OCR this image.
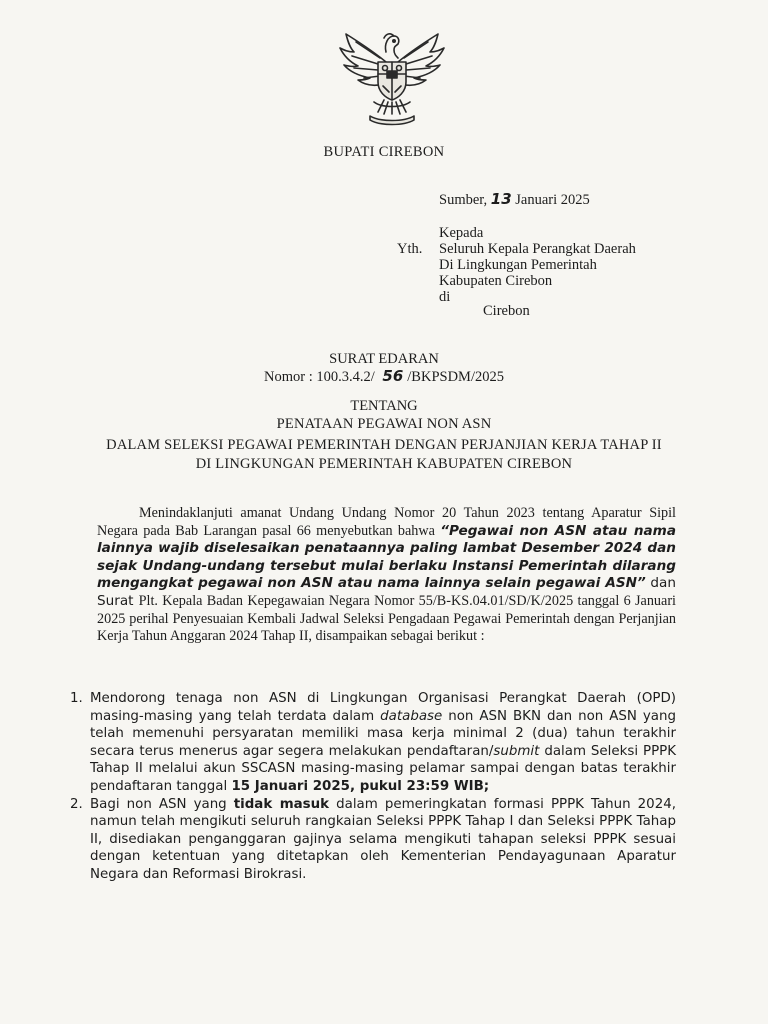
BUPATI CIREBON
Sumber, 13 Januari 2025
Kepada
Yth. Seluruh Kepala Perangkat Daerah
Di Lingkungan Pemerintah
Kabupaten Cirebon
di
Cirebon
SURAT EDARAN
Nomor : 100.3.4.2/ 56 /BKPSDM/2025
TENTANG
PENATAAN PEGAWAI NON ASN
DALAM SELEKSI PEGAWAI PEMERINTAH DENGAN PERJANJIAN KERJA TAHAP II
DI LINGKUNGAN PEMERINTAH KABUPATEN CIREBON

Menindaklanjuti amanat Undang Undang Nomor 20 Tahun 2023 tentang Aparatur Sipil Negara pada Bab Larangan pasal 66 menyebutkan bahwa “Pegawai non ASN atau nama lainnya wajib diselesaikan penataannya paling lambat Desember 2024 dan sejak Undang-undang tersebut mulai berlaku Instansi Pemerintah dilarang mengangkat pegawai non ASN atau nama lainnya selain pegawai ASN” dan Surat Plt. Kepala Badan Kepegawaian Negara Nomor 55/B-KS.04.01/SD/K/2025 tanggal 6 Januari 2025 perihal Penyesuaian Kembali Jadwal Seleksi Pengadaan Pegawai Pemerintah dengan Perjanjian Kerja Tahun Anggaran 2024 Tahap II, disampaikan sebagai berikut :

1. Mendorong tenaga non ASN di Lingkungan Organisasi Perangkat Daerah (OPD) masing-masing yang telah terdata dalam database non ASN BKN dan non ASN yang telah memenuhi persyaratan memiliki masa kerja minimal 2 (dua) tahun terakhir secara terus menerus agar segera melakukan pendaftaran/submit dalam Seleksi PPPK Tahap II melalui akun SSCASN masing-masing pelamar sampai dengan batas terakhir pendaftaran tanggal 15 Januari 2025, pukul 23:59 WIB;
2. Bagi non ASN yang tidak masuk dalam pemeringkatan formasi PPPK Tahun 2024, namun telah mengikuti seluruh rangkaian Seleksi PPPK Tahap I dan Seleksi PPPK Tahap II, disediakan penganggaran gajinya selama mengikuti tahapan seleksi PPPK sesuai dengan ketentuan yang ditetapkan oleh Kementerian Pendayagunaan Aparatur Negara dan Reformasi Birokrasi.
